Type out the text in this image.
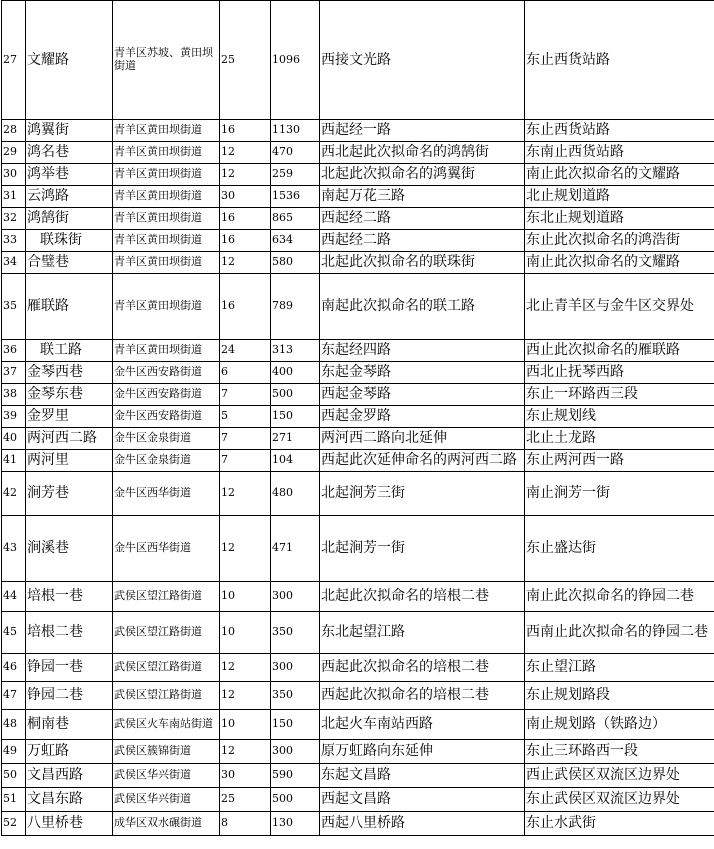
27	文耀路	青羊区苏坡、黄田坝街道	25	1096	西接文光路	东止西货站路
28	鸿翼街	青羊区黄田坝街道	16	1130	西起经一路	东止西货站路
29	鸿名巷	青羊区黄田坝街道	12	470	西北起此次拟命名的鸿鹄街	东南止西货站路
30	鸿举巷	青羊区黄田坝街道	12	259	北起此次拟命名的鸿翼街	南止此次拟命名的文耀路
31	云鸿路	青羊区黄田坝街道	30	1536	南起万花三路	北止规划道路
32	鸿鹄街	青羊区黄田坝街道	16	865	西起经二路	东北止规划道路
33	联珠街	青羊区黄田坝街道	16	634	西起经二路	东止此次拟命名的鸿浩街
34	合璧巷	青羊区黄田坝街道	12	580	北起此次拟命名的联珠街	南止此次拟命名的文耀路
35	雁联路	青羊区黄田坝街道	16	789	南起此次拟命名的联工路	北止青羊区与金牛区交界处
36	联工路	青羊区黄田坝街道	24	313	东起经四路	西止此次拟命名的雁联路
37	金琴西巷	金牛区西安路街道	6	400	东起金琴路	西北止抚琴西路
38	金琴东巷	金牛区西安路街道	7	500	西起金琴路	东止一环路西三段
39	金罗里	金牛区西安路街道	5	150	西起金罗路	东止规划线
40	两河西二路	金牛区金泉街道	7	271	两河西二路向北延伸	北止土龙路
41	两河里	金牛区金泉街道	7	104	西起此次延伸命名的两河西二路	东止两河西一路
42	涧芳巷	金牛区西华街道	12	480	北起涧芳三街	南止涧芳一街
43	涧溪巷	金牛区西华街道	12	471	北起涧芳一街	东止盛达街
44	培根一巷	武侯区望江路街道	10	300	北起此次拟命名的培根二巷	南止此次拟命名的铮园二巷
45	培根二巷	武侯区望江路街道	10	350	东北起望江路	西南止此次拟命名的铮园二巷
46	铮园一巷	武侯区望江路街道	12	300	西起此次拟命名的培根二巷	东止望江路
47	铮园二巷	武侯区望江路街道	12	350	西起此次拟命名的培根二巷	东止规划路段
48	桐南巷	武侯区火车南站街道	10	150	北起火车南站西路	南止规划路（铁路边）
49	万虹路	武侯区簇锦街道	12	300	原万虹路向东延伸	东止三环路西一段
50	文昌西路	武侯区华兴街道	30	590	东起文昌路	西止武侯区双流区边界处
51	文昌东路	武侯区华兴街道	25	500	西起文昌路	东止武侯区双流区边界处
52	八里桥巷	成华区双水碾街道	8	130	西起八里桥路	东止水武街
